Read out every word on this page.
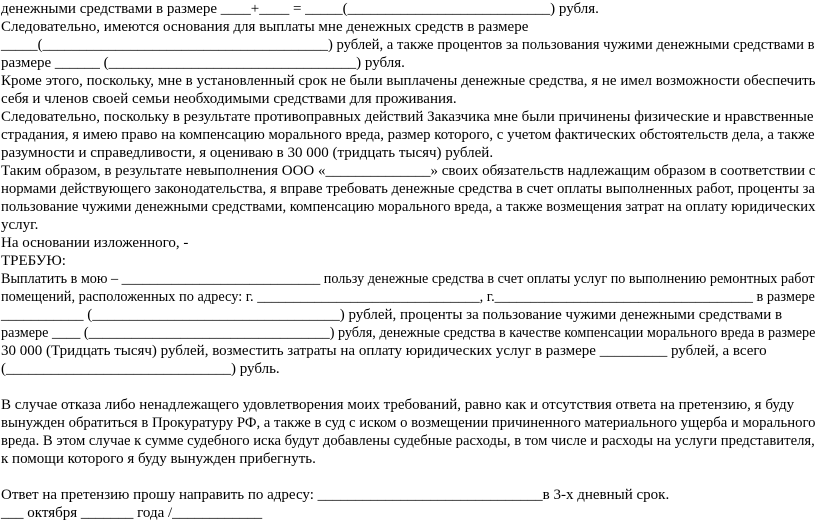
денежными средствами в размере ____+____ = _____(___________________________) рубля.
Следовательно, имеются основания для выплаты мне денежных средств в размере
_____(_______________________________________) рублей, а также процентов за пользования чужими денежными средствами в
размере ______ (_________________________________) рубля.
Кроме этого, поскольку, мне в установленный срок не были выплачены денежные средства, я не имел возможности обеспечить
себя и членов своей семьи необходимыми средствами для проживания.
Следовательно, поскольку в результате противоправных действий Заказчика мне были причинены физические и нравственные
страдания, я имею право на компенсацию морального вреда, размер которого, с учетом фактических обстоятельств дела, а также
разумности и справедливости, я оцениваю в 30 000 (тридцать тысяч) рублей.
Таким образом, в результате невыполнения ООО «______________» своих обязательств надлежащим образом в соответствии с
нормами действующего законодательства, я вправе требовать денежные средства в счет оплаты выполненных работ, проценты за
пользование чужими денежными средствами, компенсацию морального вреда, а также возмещения затрат на оплату юридических
услуг.
На основании изложенного, -
ТРЕБУЮ:
Выплатить в мою – ____________________________ пользу денежные средства в счет оплаты услуг по выполнению ремонтных работ
помещений, расположенных по адресу: г. _______________________________, г.____________________________________ в размере
___________ (_________________________________) рублей, проценты за пользование чужими денежными средствами в
размере ____ (__________________________________) рубля, денежные средства в качестве компенсации морального вреда в размере
30 000 (Тридцать тысяч) рублей, возместить затраты на оплату юридических услуг в размере _________ рублей, а всего
(______________________________) рубль.
В случае отказа либо ненадлежащего удовлетворения моих требований, равно как и отсутствия ответа на претензию, я буду
вынужден обратиться в Прокуратуру РФ, а также в суд с иском о возмещении причиненного материального ущерба и морального
вреда. В этом случае к сумме судебного иска будут добавлены судебные расходы, в том числе и расходы на услуги представителя,
к помощи которого я буду вынужден прибегнуть.
Ответ на претензию прошу направить по адресу: ______________________________в 3-х дневный срок.
___ октября _______ года /____________
